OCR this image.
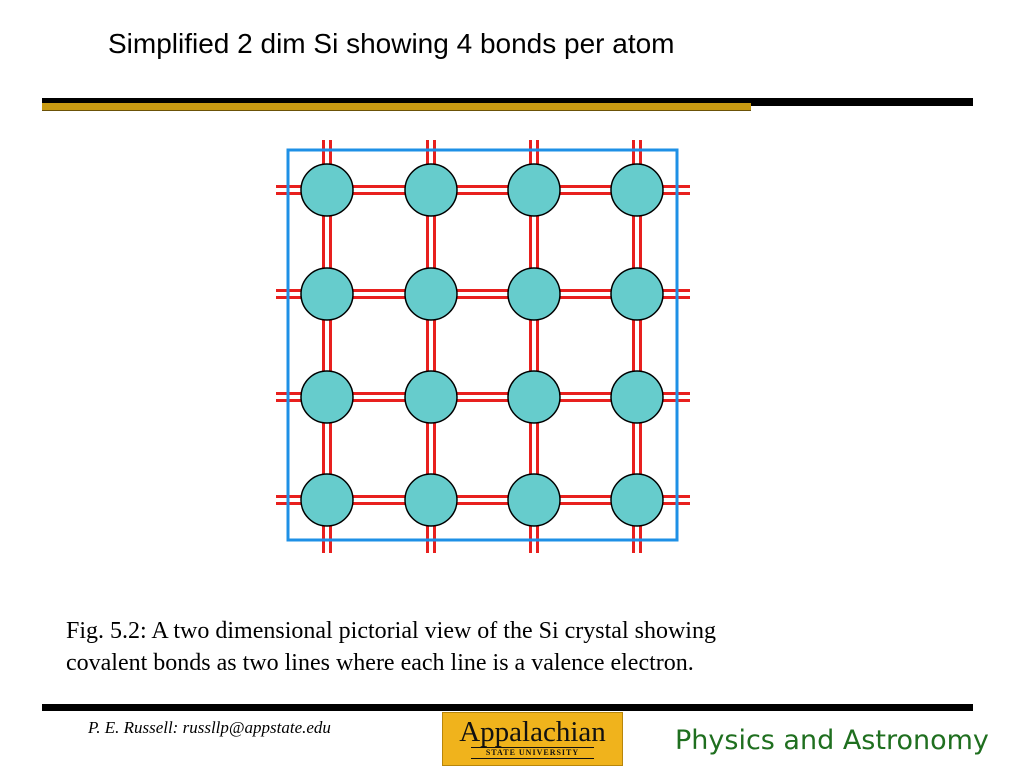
Simplified 2 dim Si showing 4 bonds per atom
Fig. 5.2: A two dimensional pictorial view of the Si crystal showing
covalent bonds as two lines where each line is a valence electron.
P. E. Russell: russllp@appstate.edu	Appalachian
STATE UNIVERSITY	Physics and Astronomy
